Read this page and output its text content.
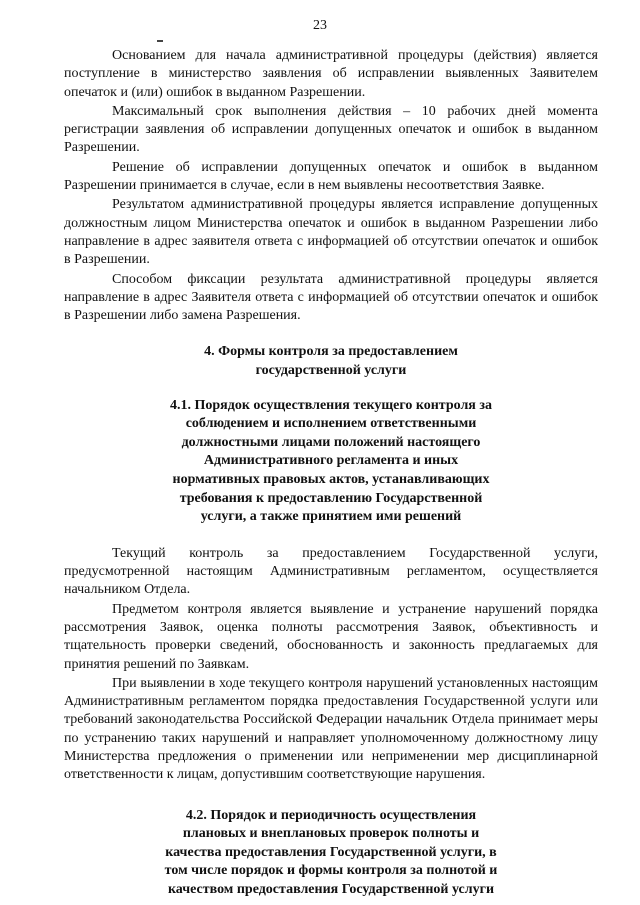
23

Основанием для начала административной процедуры (действия) является поступление в министерство заявления об исправлении выявленных Заявителем опечаток и (или) ошибок в выданном Разрешении.

Максимальный срок выполнения действия – 10 рабочих дней момента регистрации заявления об исправлении допущенных опечаток и ошибок в выданном Разрешении.

Решение об исправлении допущенных опечаток и ошибок в выданном Разрешении принимается в случае, если в нем выявлены несоответствия Заявке.

Результатом административной процедуры является исправление допущенных должностным лицом Министерства опечаток и ошибок в выданном Разрешении либо направление в адрес заявителя ответа с информацией об отсутствии опечаток и ошибок в Разрешении.

Способом фиксации результата административной процедуры является направление в адрес Заявителя ответа с информацией об отсутствии опечаток и ошибок в Разрешении либо замена Разрешения.

4. Формы контроля за предоставлением
государственной услуги
4.1. Порядок осуществления текущего контроля за
соблюдением и исполнением ответственными
должностными лицами положений настоящего
Административного регламента и иных
нормативных правовых актов, устанавливающих
требования к предоставлению Государственной
услуги, а также принятием ими решений

Текущий контроль за предоставлением Государственной услуги, предусмотренной настоящим Административным регламентом, осуществляется начальником Отдела.

Предметом контроля является выявление и устранение нарушений порядка рассмотрения Заявок, оценка полноты рассмотрения Заявок, объективность и тщательность проверки сведений, обоснованность и законность предлагаемых для принятия решений по Заявкам.

При выявлении в ходе текущего контроля нарушений установленных настоящим Административным регламентом порядка предоставления Государственной услуги или требований законодательства Российской Федерации начальник Отдела принимает меры по устранению таких нарушений и направляет уполномоченному должностному лицу Министерства предложения о применении или неприменении мер дисциплинарной ответственности к лицам, допустившим соответствующие нарушения.

4.2. Порядок и периодичность осуществления
плановых и внеплановых проверок полноты и
качества предоставления Государственной услуги, в
том числе порядок и формы контроля за полнотой и
качеством предоставления Государственной услуги
